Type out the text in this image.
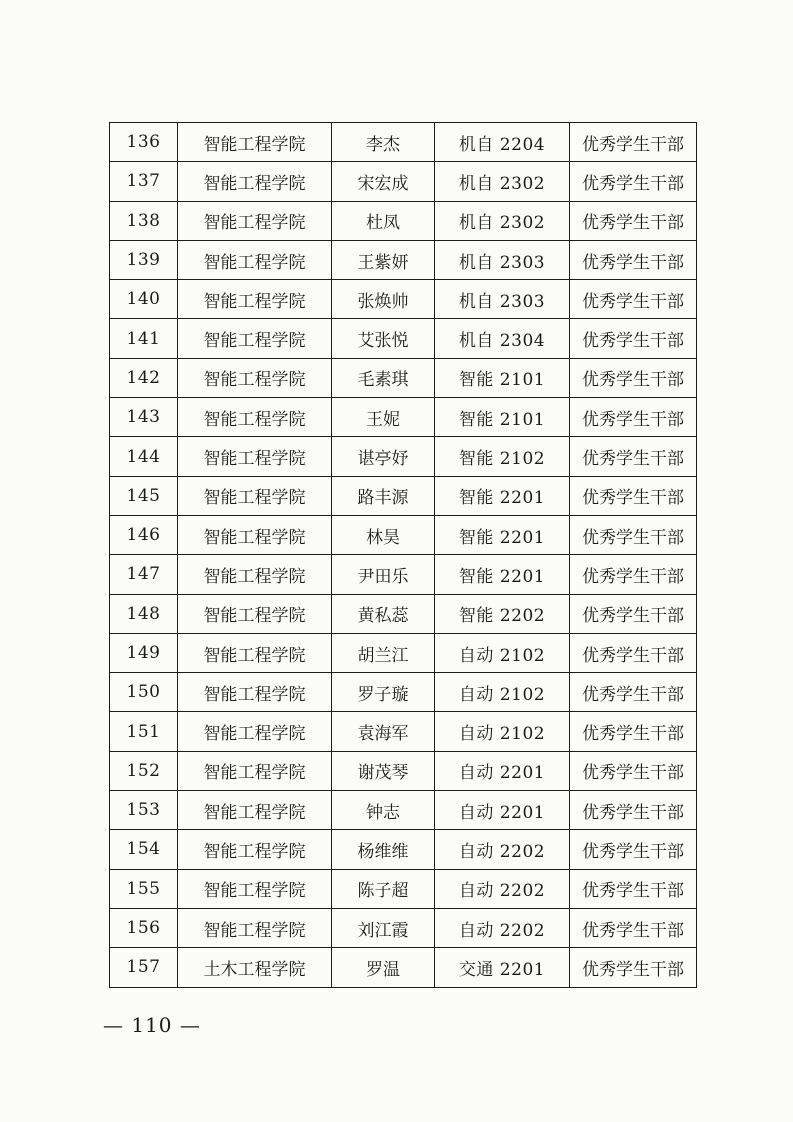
136	智能工程学院	李杰	机自 2204	优秀学生干部
137	智能工程学院	宋宏成	机自 2302	优秀学生干部
138	智能工程学院	杜凤	机自 2302	优秀学生干部
139	智能工程学院	王紫妍	机自 2303	优秀学生干部
140	智能工程学院	张焕帅	机自 2303	优秀学生干部
141	智能工程学院	艾张悦	机自 2304	优秀学生干部
142	智能工程学院	毛素琪	智能 2101	优秀学生干部
143	智能工程学院	王妮	智能 2101	优秀学生干部
144	智能工程学院	谌亭妤	智能 2102	优秀学生干部
145	智能工程学院	路丰源	智能 2201	优秀学生干部
146	智能工程学院	林昊	智能 2201	优秀学生干部
147	智能工程学院	尹田乐	智能 2201	优秀学生干部
148	智能工程学院	黄私蕊	智能 2202	优秀学生干部
149	智能工程学院	胡兰江	自动 2102	优秀学生干部
150	智能工程学院	罗子璇	自动 2102	优秀学生干部
151	智能工程学院	袁海军	自动 2102	优秀学生干部
152	智能工程学院	谢茂琴	自动 2201	优秀学生干部
153	智能工程学院	钟志	自动 2201	优秀学生干部
154	智能工程学院	杨维维	自动 2202	优秀学生干部
155	智能工程学院	陈子超	自动 2202	优秀学生干部
156	智能工程学院	刘江霞	自动 2202	优秀学生干部
157	土木工程学院	罗温	交通 2201	优秀学生干部
— 110 —
